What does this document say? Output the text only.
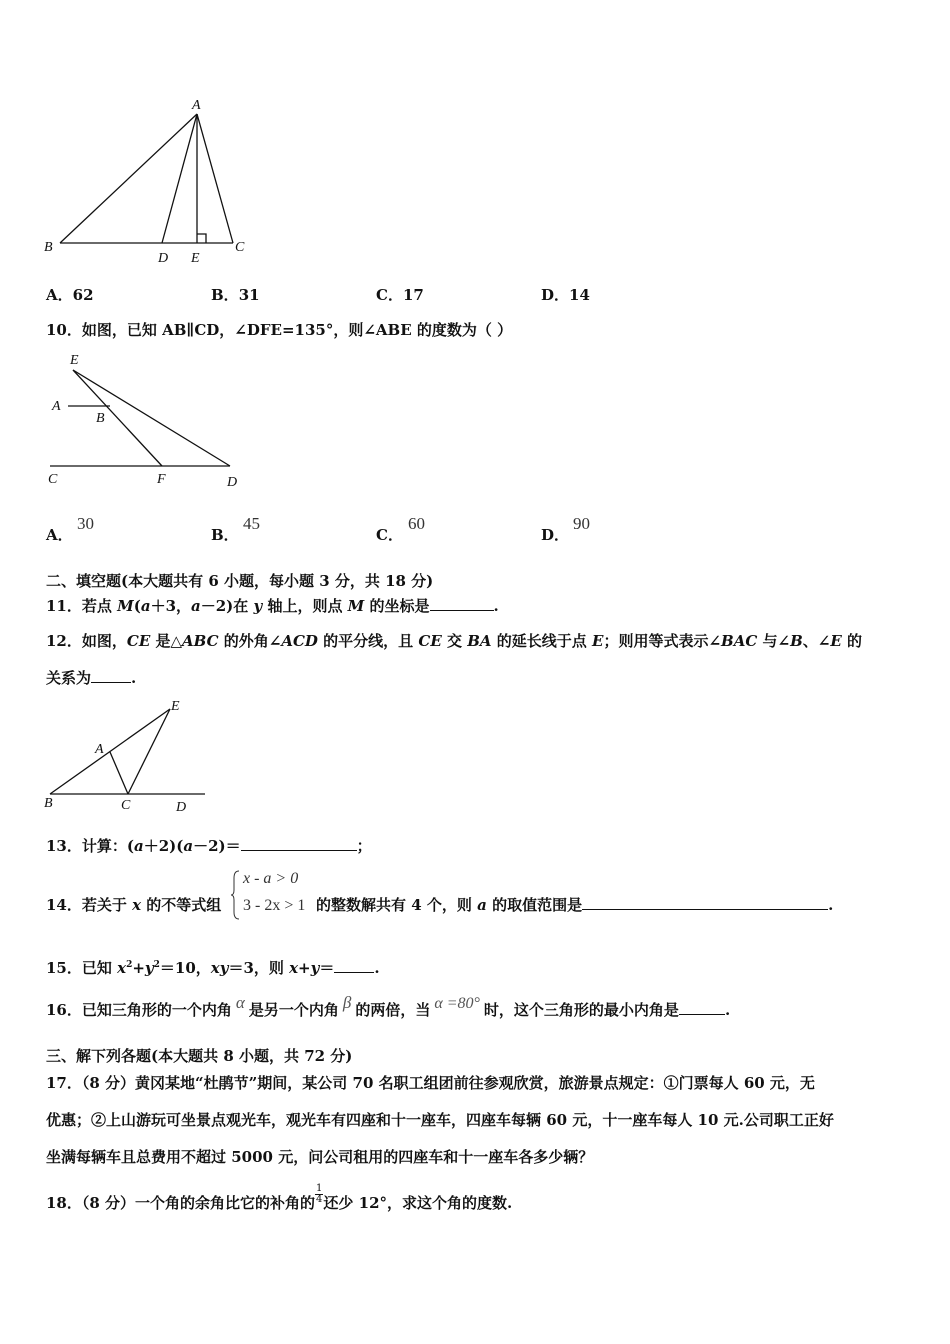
A
B
D E
C
A．62	B．31	C．17	D．14
10．如图，已知 AB∥CD，∠DFE=135°，则∠ABE 的度数为（ ）
E
A
B
C	F	D
A．
30
B．
45
C．
60
D．
90
二、填空题(本大题共有 6 小题，每小题 3 分，共 18 分)
11．若点 M(a＋3，a－2)在 y 轴上，则点 M 的坐标是	.
12．如图，CE 是△ABC 的外角∠ACD 的平分线，且 CE 交 BA 的延长线于点 E；则用等式表示∠BAC 与∠B、∠E 的
关系为	.
E
A
B	C	D
13．计算：(a＋2)(a－2)＝	；
14．若关于 x 的不等式组
x - a > 0
3 - 2x > 1 的整数解共有 4 个，则 a 的取值范围是	.
15．已知 $x^2+y^2=10$，xy＝3，则 x+y＝	.
16．已知三角形的一个内角 α 是另一个内角 β 的两倍，当 α =80° 时，这个三角形的最小内角是	.
三、解下列各题(本大题共 8 小题，共 72 分)
17．（8 分）黄冈某地“杜鹃节”期间，某公司 70 名职工组团前往参观欣赏，旅游景点规定：①门票每人 60 元，无
优惠；②上山游玩可坐景点观光车，观光车有四座和十一座车，四座车每辆 60 元，十一座车每人 10 元.公司职工正好
坐满每辆车且总费用不超过 5000 元，问公司租用的四座车和十一座车各多少辆？
18．（8 分）一个角的余角比它的补角的 $\frac{1}{4}$ 还少 12°，求这个角的度数.
